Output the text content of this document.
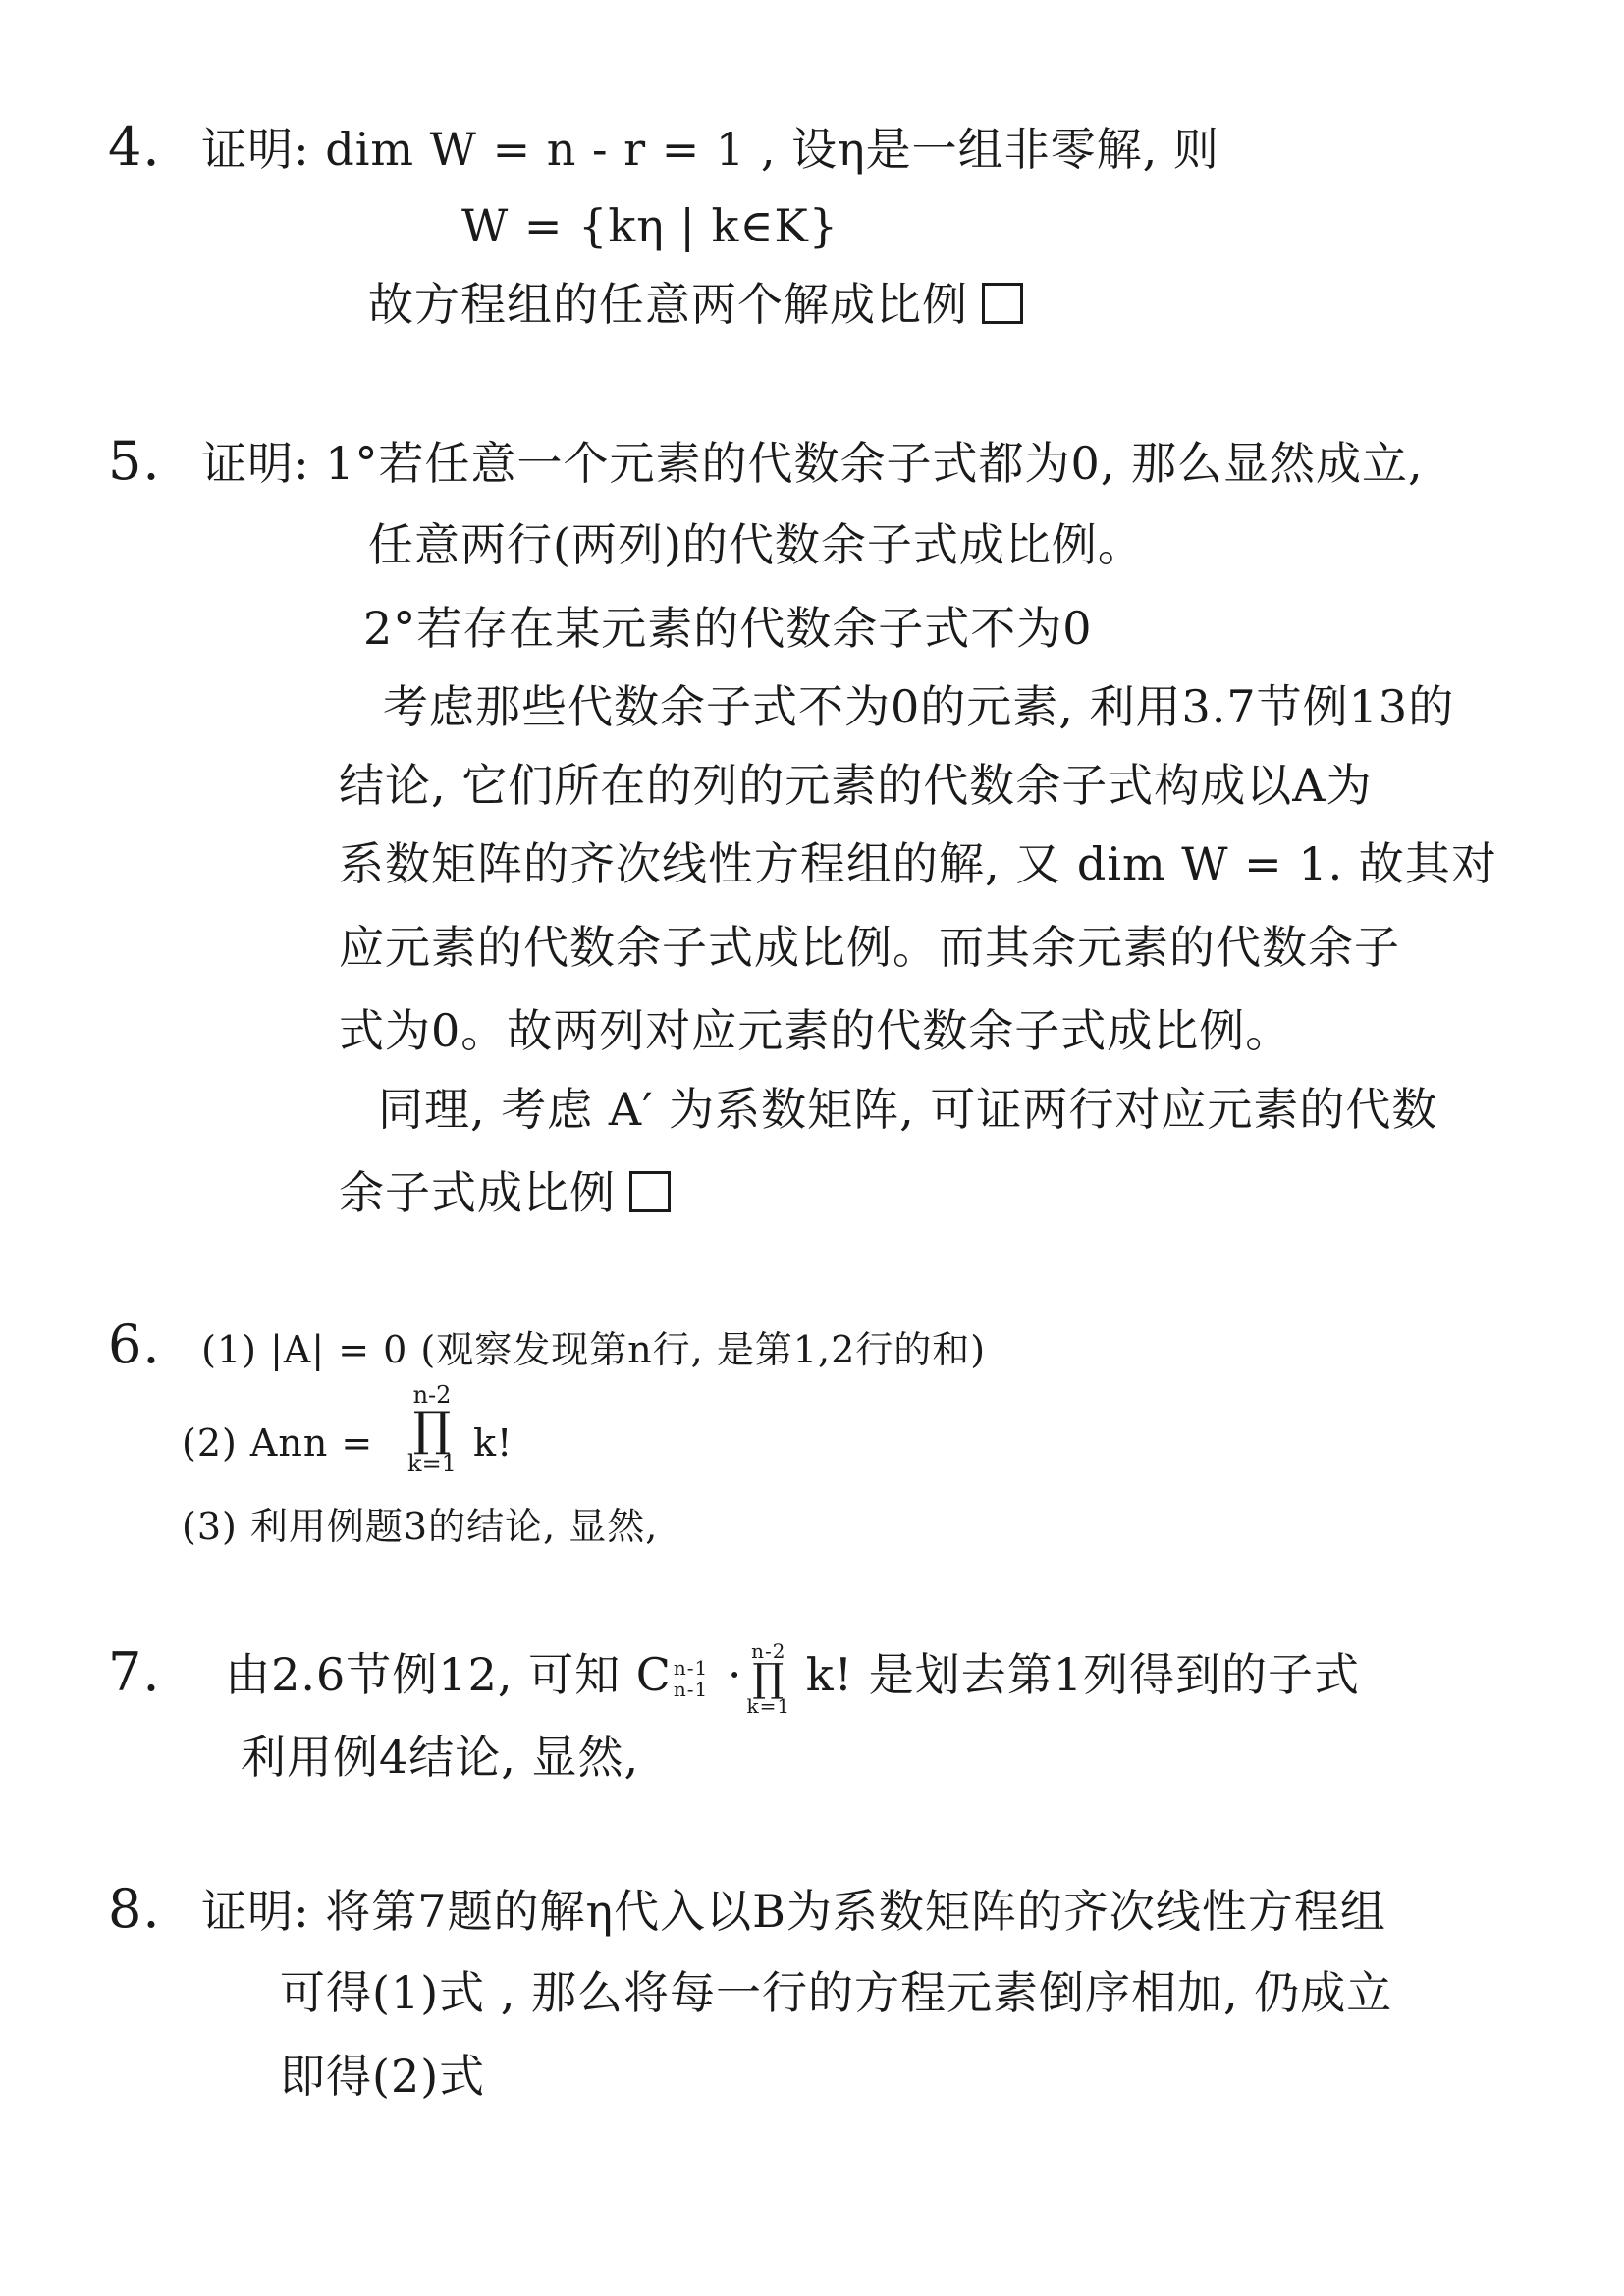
4. 证明: dim W = n - r = 1 , 设η是一组非零解, 则
W = {kη | k∈K}
故方程组的任意两个解成比例
5. 证明: 1°若任意一个元素的代数余子式都为0, 那么显然成立,
任意两行(两列)的代数余子式成比例。
2°若存在某元素的代数余子式不为0
考虑那些代数余子式不为0的元素, 利用3.7节例13的
结论, 它们所在的列的元素的代数余子式构成以A为
系数矩阵的齐次线性方程组的解, 又 dim W = 1. 故其对
应元素的代数余子式成比例。而其余元素的代数余子
式为0。故两列对应元素的代数余子式成比例。
同理, 考虑 A′ 为系数矩阵, 可证两行对应元素的代数
余子式成比例
6. (1) |A| = 0 (观察发现第n行, 是第1,2行的和)
(2) Ann =
n-2
∏
k=1 k!
(3) 利用例题3的结论, 显然,
7. 由2.6节例12, 可知 C n-1
n-1 · n-2
∏
k=1
k! 是划去第1列得到的子式
利用例4结论, 显然,
8. 证明: 将第7题的解η代入以B为系数矩阵的齐次线性方程组
可得(1)式 , 那么将每一行的方程元素倒序相加, 仍成立
即得(2)式
